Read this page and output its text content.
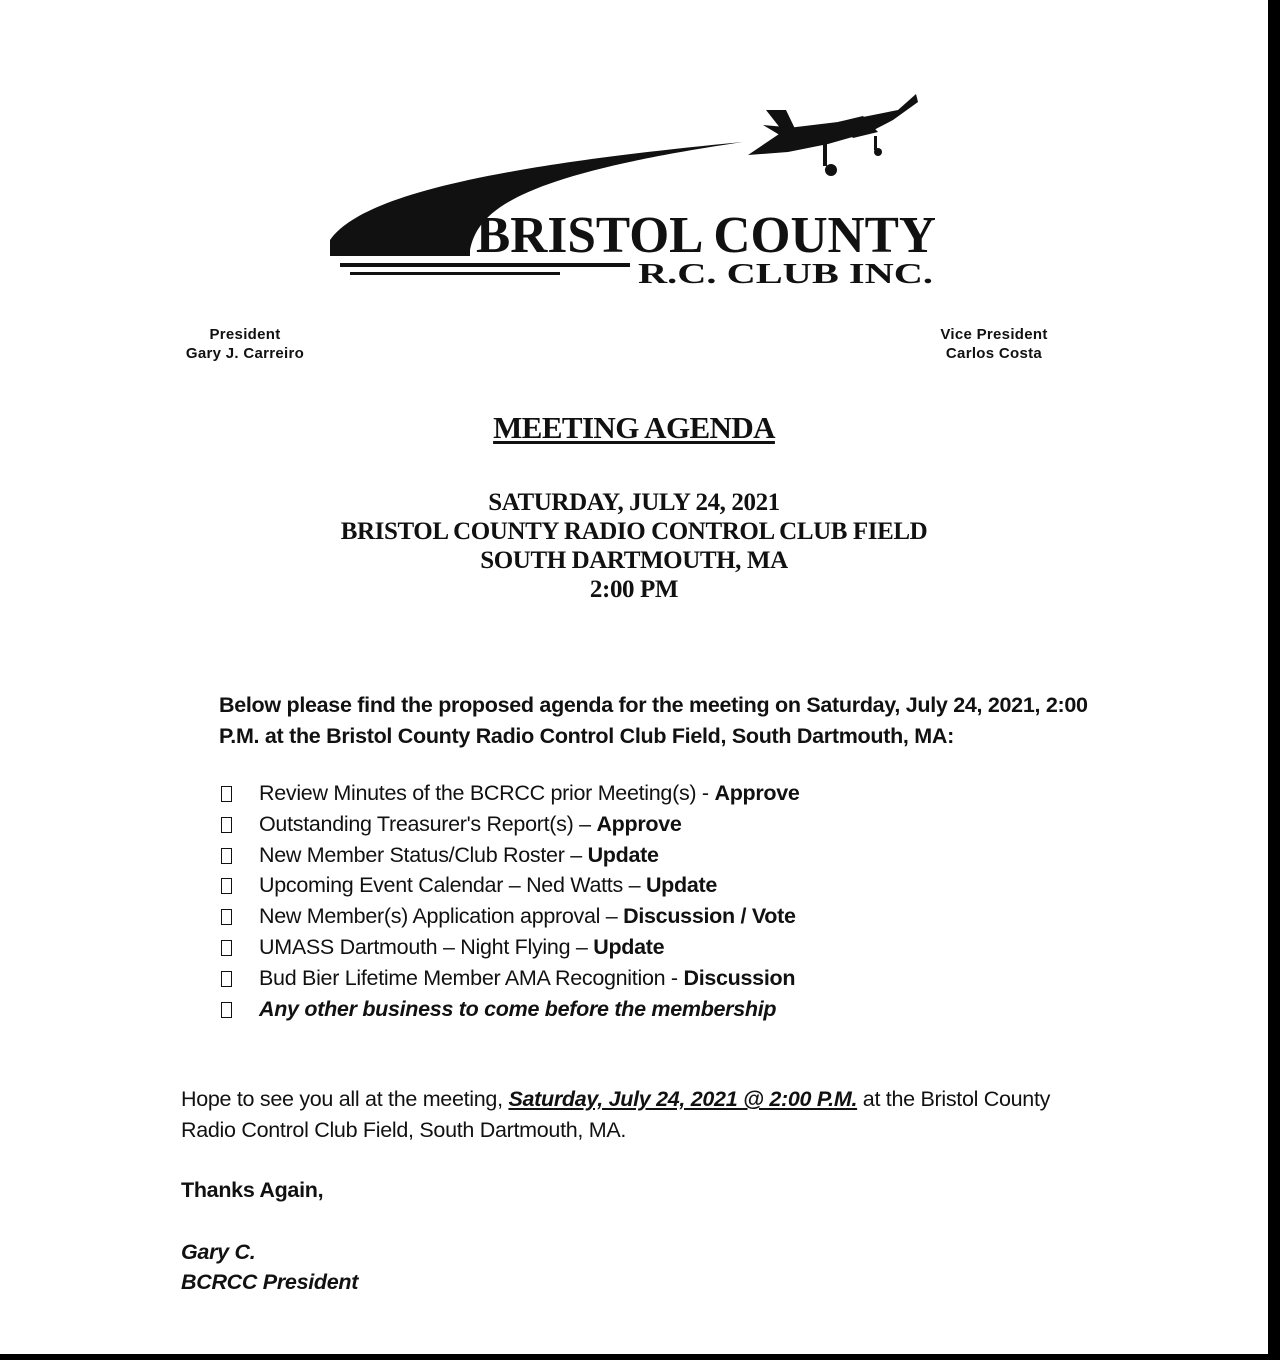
BRISTOL COUNTY
R.C. CLUB INC.
President
Gary J. Carreiro
Vice President
Carlos Costa
MEETING AGENDA
SATURDAY, JULY 24, 2021
BRISTOL COUNTY RADIO CONTROL CLUB FIELD
SOUTH DARTMOUTH, MA
2:00 PM
Below please find the proposed agenda for the meeting on Saturday, July 24, 2021, 2:00 P.M. at the Bristol County Radio Control Club Field, South Dartmouth, MA:
Review Minutes of the BCRCC prior Meeting(s) - Approve
Outstanding Treasurer's Report(s) – Approve
New Member Status/Club Roster – Update
Upcoming Event Calendar – Ned Watts – Update
New Member(s) Application approval – Discussion / Vote
UMASS Dartmouth – Night Flying – Update
Bud Bier Lifetime Member AMA Recognition - Discussion
Any other business to come before the membership
Hope to see you all at the meeting, Saturday, July 24, 2021 @ 2:00 P.M. at the Bristol County Radio Control Club Field, South Dartmouth, MA.
Thanks Again,
Gary C.
BCRCC President
